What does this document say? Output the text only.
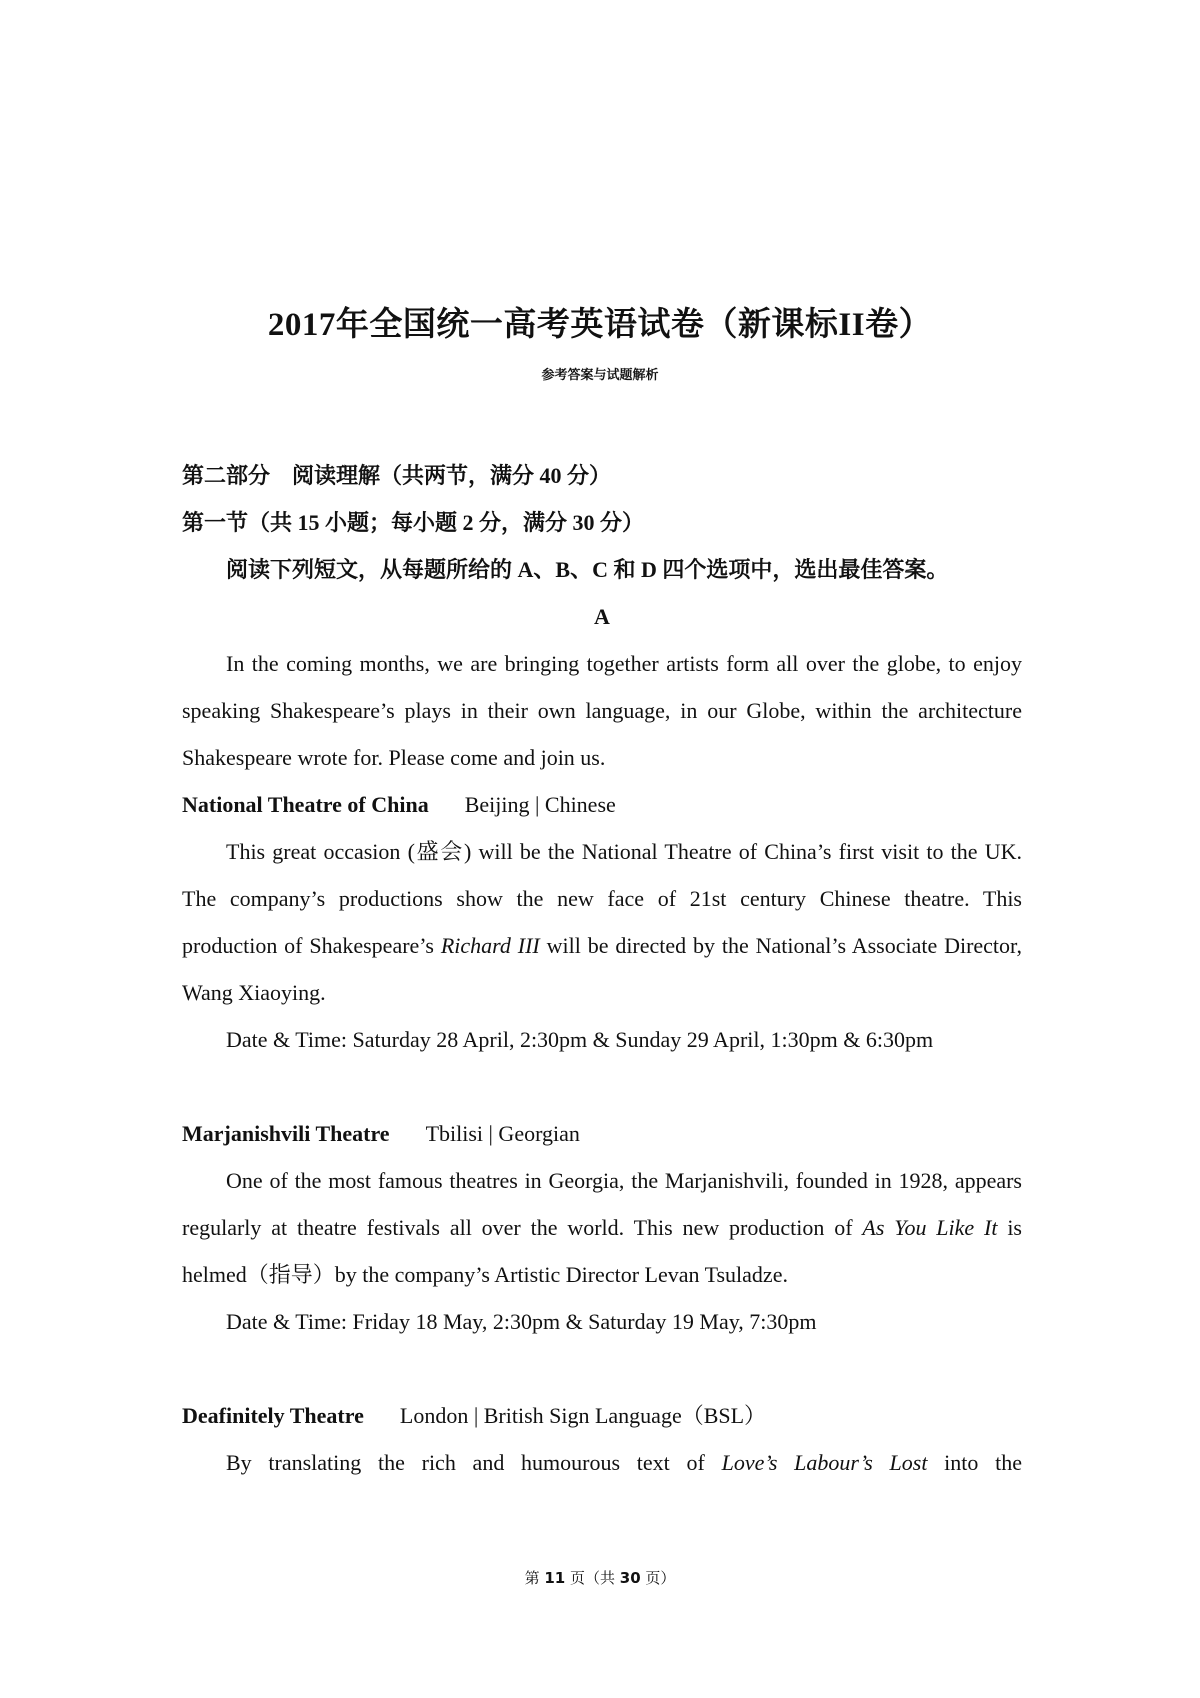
2017年全国统一高考英语试卷（新课标II卷）
参考答案与试题解析

第二部分　阅读理解（共两节，满分 40 分）

第一节（共 15 小题；每小题 2 分，满分 30 分）

阅读下列短文，从每题所给的 A、B、C 和 D 四个选项中，选出最佳答案。

A

In the coming months, we are bringing together artists form all over the globe, to enjoy speaking Shakespeare’s plays in their own language, in our Globe, within the architecture Shakespeare wrote for. Please come and join us.

National Theatre of China Beijing | Chinese

This great occasion (盛会) will be the National Theatre of China’s first visit to the UK. The company’s productions show the new face of 21st century Chinese theatre. This production of Shakespeare’s Richard III will be directed by the National’s Associate Director, Wang Xiaoying.

Date & Time: Saturday 28 April, 2:30pm & Sunday 29 April, 1:30pm & 6:30pm

Marjanishvili Theatre Tbilisi | Georgian

One of the most famous theatres in Georgia, the Marjanishvili, founded in 1928, appears regularly at theatre festivals all over the world. This new production of As You Like It is helmed（指导）by the company’s Artistic Director Levan Tsuladze.

Date & Time: Friday 18 May, 2:30pm & Saturday 19 May, 7:30pm

Deafinitely Theatre London | British Sign Language（BSL）

By translating the rich and humourous text of Love’s Labour’s Lost into the

第 11 页（共 30 页）
